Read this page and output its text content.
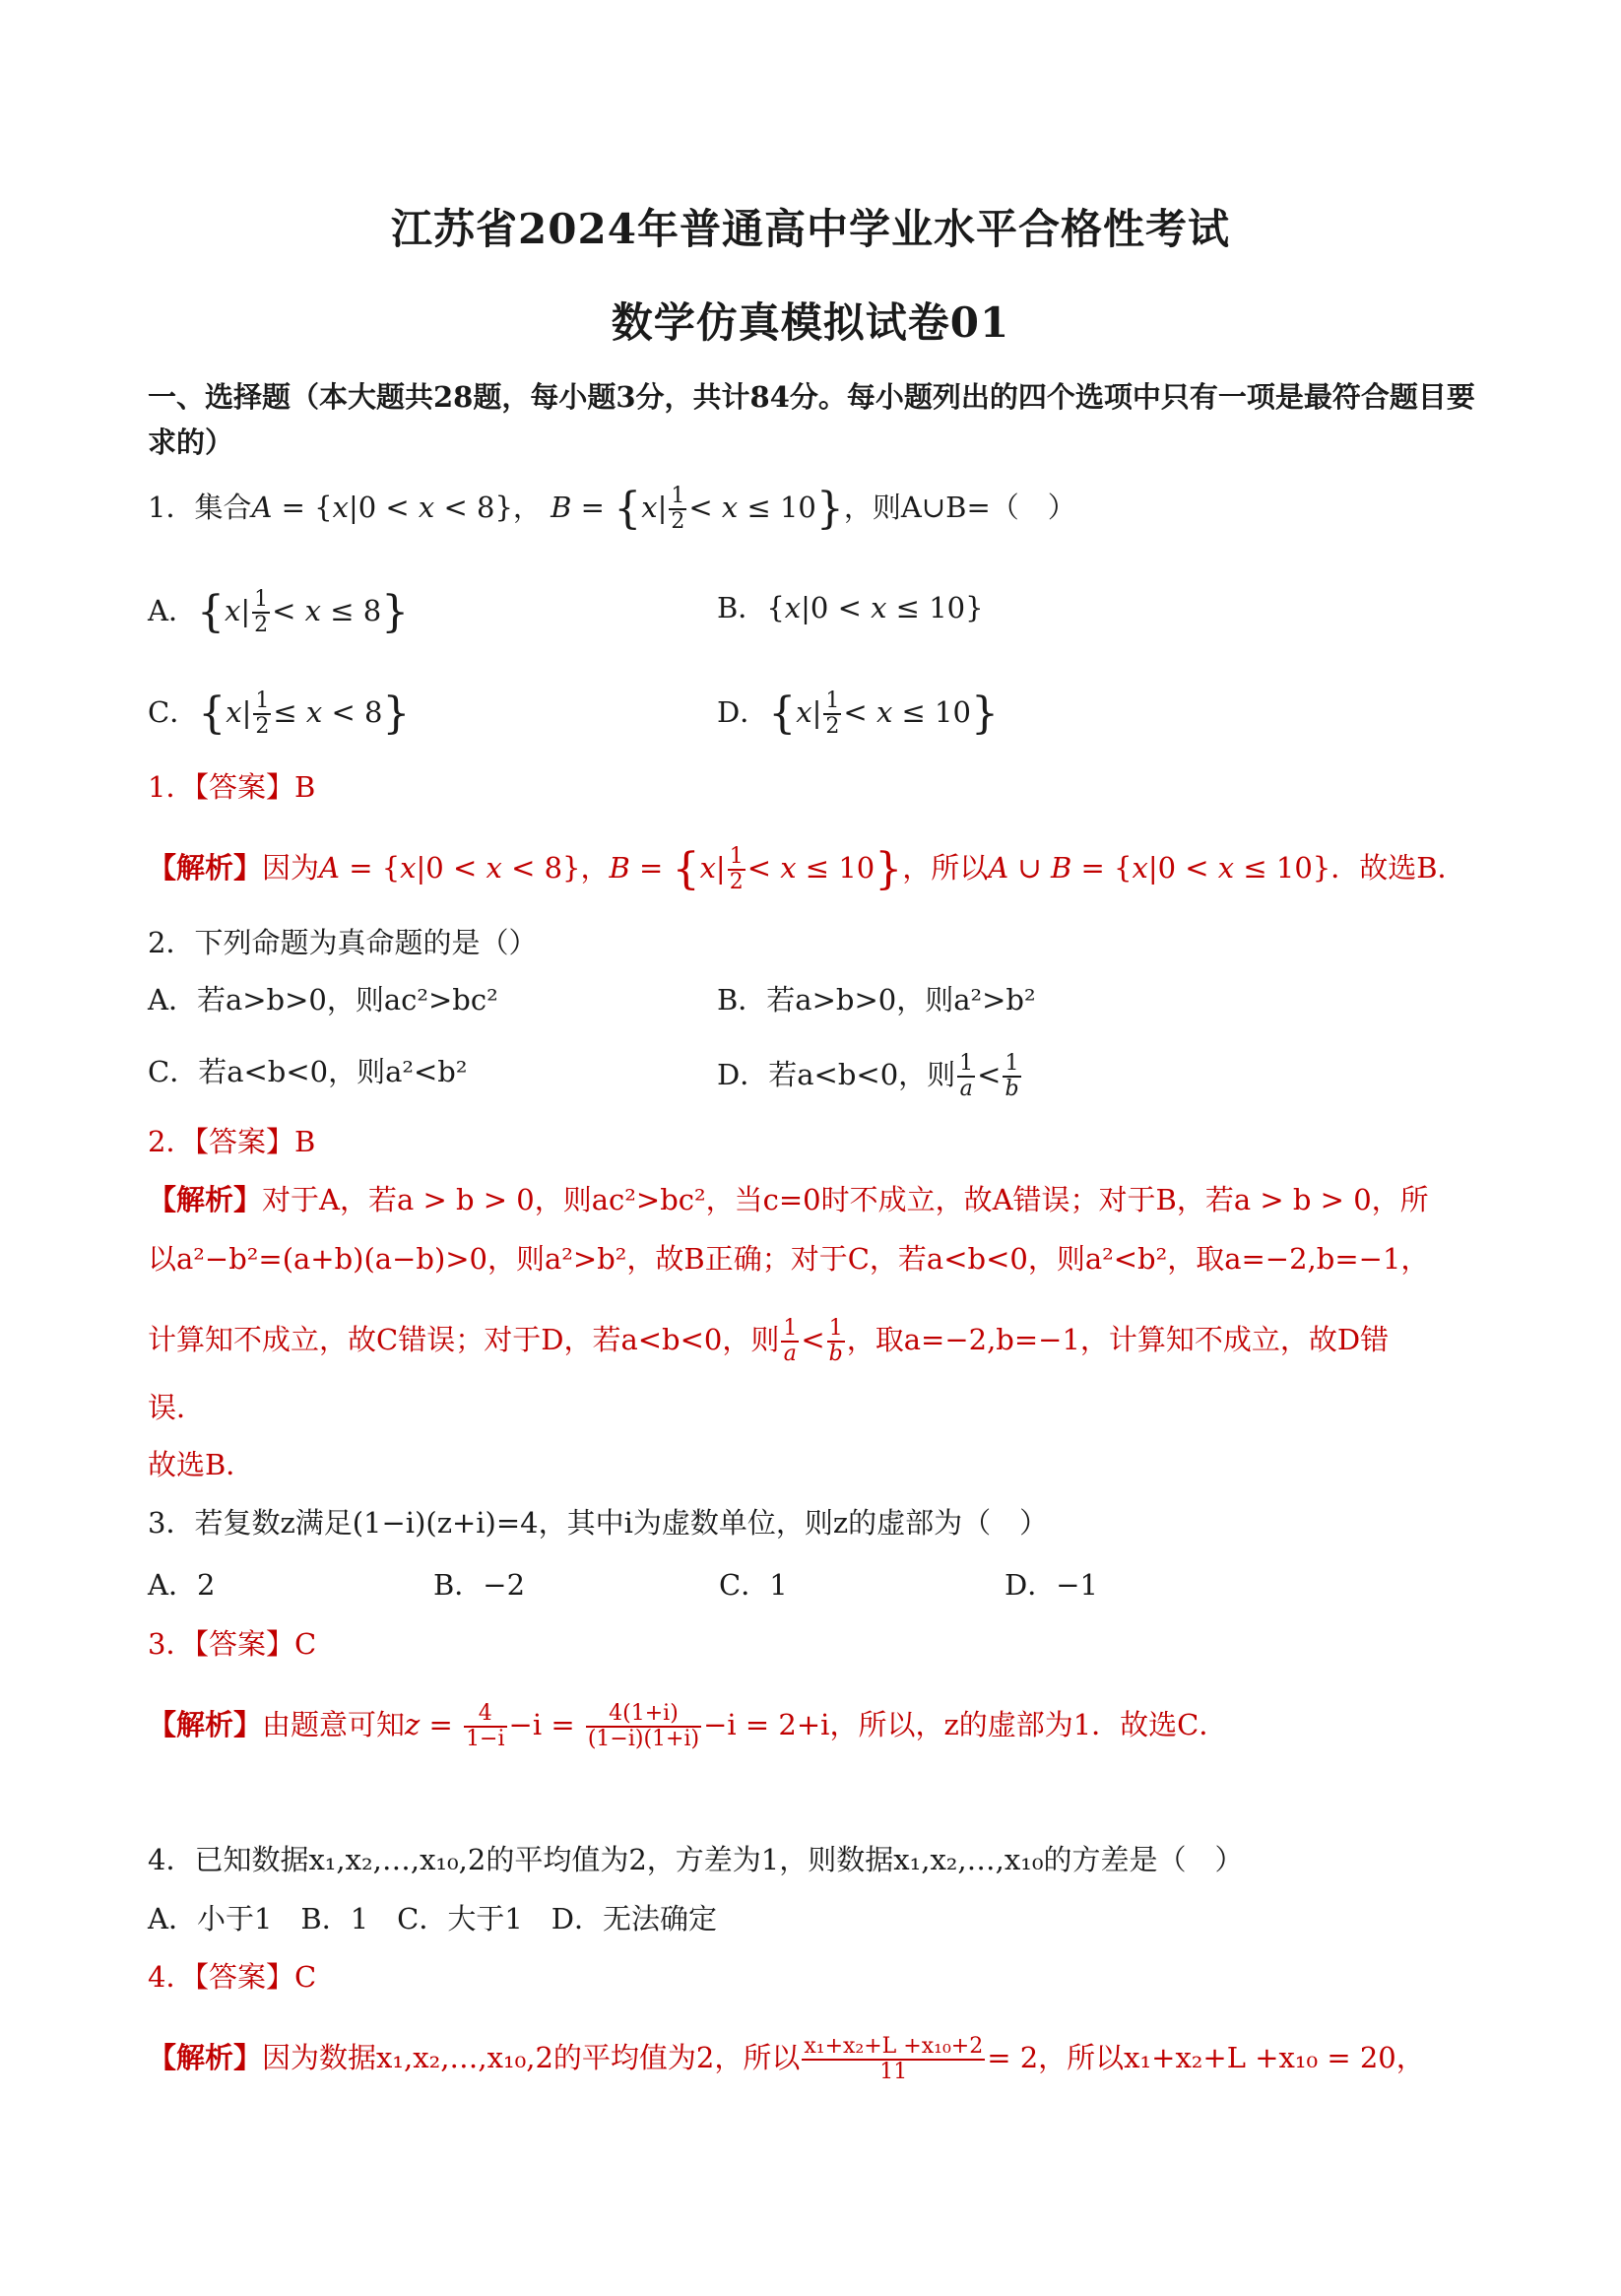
江苏省2024年普通高中学业水平合格性考试
数学仿真模拟试卷01
一、选择题（本大题共28题，每小题3分，共计84分。每小题列出的四个选项中只有一项是最符合题目要求的）
1．集合A = {x|0 < x < 8}， $B = \{x| \frac{1}{2} < x \le 10\}$，则A∪B=（　）
A．$\{x| \frac{1}{2} < x \le 8\}$	B．{x|0 < x ≤ 10}
C．$\{x| \frac{1}{2} \le x < 8\}$	D．$\{x| \frac{1}{2} < x \le 10\}$
1．【答案】B
【解析】因为A = {x|0 < x < 8}，$B = \{x| \frac{1}{2} < x \le 10\}$，所以A ∪ B = {x|0 < x ≤ 10}．故选B．
2．下列命题为真命题的是（）
A．若a>b>0，则ac²>bc²	B．若a>b>0，则a²>b²
C．若a<b<0，则a²<b²	D．若a<b<0，则 $\frac{1}{a} < \frac{1}{b}$
2．【答案】B
【解析】对于A，若a > b > 0，则ac²>bc²，当c=0时不成立，故A错误；对于B，若a > b > 0，所
以a²−b²=(a+b)(a−b)>0，则a²>b²，故B正确；对于C，若a<b<0，则a²<b²，取a=−2,b=−1，
计算知不成立，故C错误；对于D，若a<b<0，则 $\frac{1}{a} < \frac{1}{b}$ ，取a=−2,b=−1，计算知不成立，故D错
误．
故选B．
3．若复数z满足(1−i)(z+i)=4，其中i为虚数单位，则z的虚部为（　）
A．2	B．−2	C．1	D．−1
3．【答案】C
【解析】由题意可知$z = \frac{4}{1-i} -i = \frac{4(1+i)}{(1-i)(1+i)} -i = 2+i$，所以，z的虚部为1．故选C．
4．已知数据x₁,x₂,…,x₁₀,2的平均值为2，方差为1，则数据x₁,x₂,…,x₁₀的方差是（　）
A．小于1　B．1　C．大于1　D．无法确定
4．【答案】C
【解析】因为数据x₁,x₂,…,x₁₀,2的平均值为2，所以 $\frac{\text{x₁+x₂+L +x₁₀+2}}{11} = 2$，所以x₁+x₂+L +x₁₀ = 20，
